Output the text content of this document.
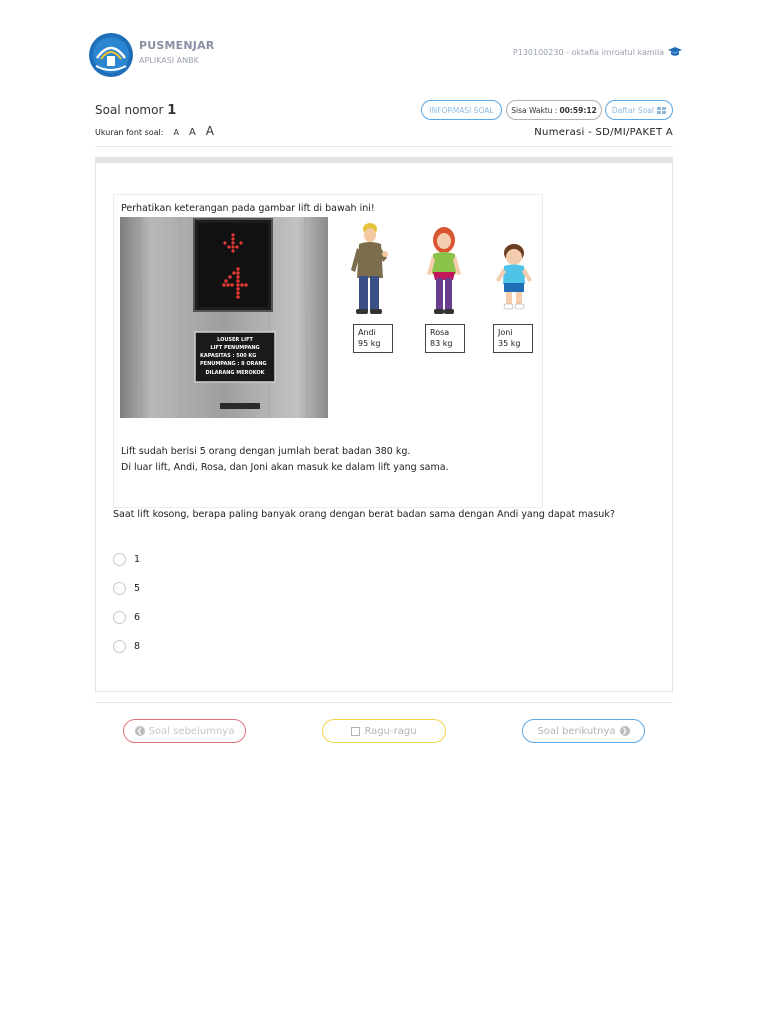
PUSMENJAR
APLIKASI ANBK
P130100230 - oktafia imroatul kamila
Soal nomor 1
Ukuran font soal: A A A
INFORMASI SOAL	Sisa Waktu : 00:59:12 Daftar Soal
Numerasi - SD/MI/PAKET A
Perhatikan keterangan pada gambar lift di bawah ini!
LOUSER LIFT
LIFT PENUMPANG
KAPASITAS : 500 KG
PENUMPANG : 8 ORANG
DILARANG MEROKOK
Andi
95 kg
Rosa
83 kg
Joni
35 kg
Lift sudah berisi 5 orang dengan jumlah berat badan 380 kg.
Di luar lift, Andi, Rosa, dan Joni akan masuk ke dalam lift yang sama.
Saat lift kosong, berapa paling banyak orang dengan berat badan sama dengan Andi yang dapat masuk?
1
5
6
8
❮ Soal sebelumnya	Ragu-ragu	Soal berikutnya ❯
